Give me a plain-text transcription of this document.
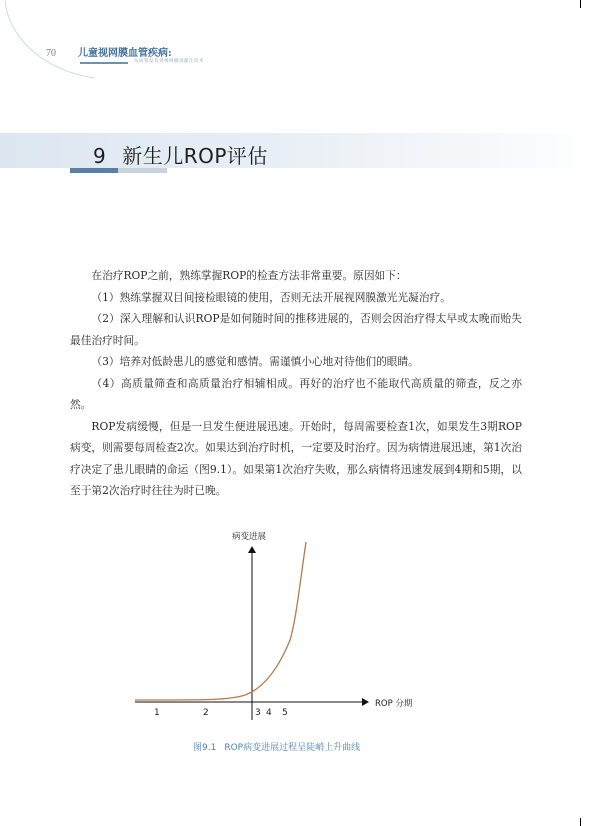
70 儿童视网膜血管疾病:
从血管发育到视网膜再灌注技术
9 新生儿ROP评估

在治疗ROP之前，熟练掌握ROP的检查方法非常重要。原因如下：

（1）熟练掌握双目间接检眼镜的使用，否则无法开展视网膜激光光凝治疗。

（2）深入理解和认识ROP是如何随时间的推移进展的，否则会因治疗得太早或太晚而贻失最佳治疗时间。

（3）培养对低龄患儿的感觉和感情。需谨慎小心地对待他们的眼睛。

（4）高质量筛查和高质量治疗相辅相成。再好的治疗也不能取代高质量的筛查，反之亦然。

ROP发病缓慢，但是一旦发生便进展迅速。开始时，每周需要检查1次，如果发生3期ROP病变，则需要每周检查2次。如果达到治疗时机，一定要及时治疗。因为病情进展迅速，第1次治疗决定了患儿眼睛的命运（图9.1）。如果第1次治疗失败，那么病情将迅速发展到4期和5期，以至于第2次治疗时往往为时已晚。

病变进展
ROP 分期
1	2	3 4 5
图9.1 ROP病变进展过程呈陡峭上升曲线
